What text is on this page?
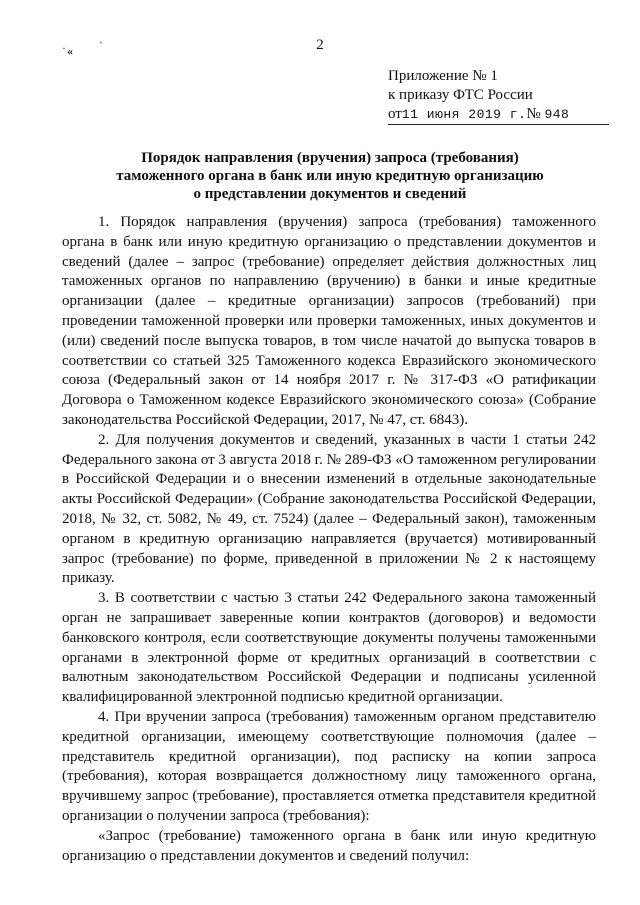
·	`
«	2
Приложение № 1
к приказу ФТС России
от11 июня 2019 г.№ 948
Порядок направления (вручения) запроса (требования)
таможенного органа в банк или иную кредитную организацию
о представлении документов и сведений

1. Порядок направления (вручения) запроса (требования) таможенного органа в банк или иную кредитную организацию о представлении документов и сведений (далее – запрос (требование) определяет действия должностных лиц таможенных органов по направлению (вручению) в банки и иные кредитные организации (далее – кредитные организации) запросов (требований) при проведении таможенной проверки или проверки таможенных, иных документов и (или) сведений после выпуска товаров, в том числе начатой до выпуска товаров в соответствии со статьей 325 Таможенного кодекса Евразийского экономического союза (Федеральный закон от 14 ноября 2017 г. № 317-ФЗ «О ратификации Договора о Таможенном кодексе Евразийского экономического союза» (Собрание законодательства Российской Федерации, 2017, № 47, ст. 6843).

2. Для получения документов и сведений, указанных в части 1 статьи 242 Федерального закона от 3 августа 2018 г. № 289-ФЗ «О таможенном регулировании в Российской Федерации и о внесении изменений в отдельные законодательные акты Российской Федерации» (Собрание законодательства Российской Федерации, 2018, № 32, ст. 5082, № 49, ст. 7524) (далее – Федеральный закон), таможенным органом в кредитную организацию направляется (вручается) мотивированный запрос (требование) по форме, приведенной в приложении № 2 к настоящему приказу.

3. В соответствии с частью 3 статьи 242 Федерального закона таможенный орган не запрашивает заверенные копии контрактов (договоров) и ведомости банковского контроля, если соответствующие документы получены таможенными органами в электронной форме от кредитных организаций в соответствии с валютным законодательством Российской Федерации и подписаны усиленной квалифицированной электронной подписью кредитной организации.

4. При вручении запроса (требования) таможенным органом представителю кредитной организации, имеющему соответствующие полномочия (далее – представитель кредитной организации), под расписку на копии запроса (требования), которая возвращается должностному лицу таможенного органа, вручившему запрос (требование), проставляется отметка представителя кредитной организации о получении запроса (требования):

«Запрос (требование) таможенного органа в банк или иную кредитную организацию о представлении документов и сведений получил:
